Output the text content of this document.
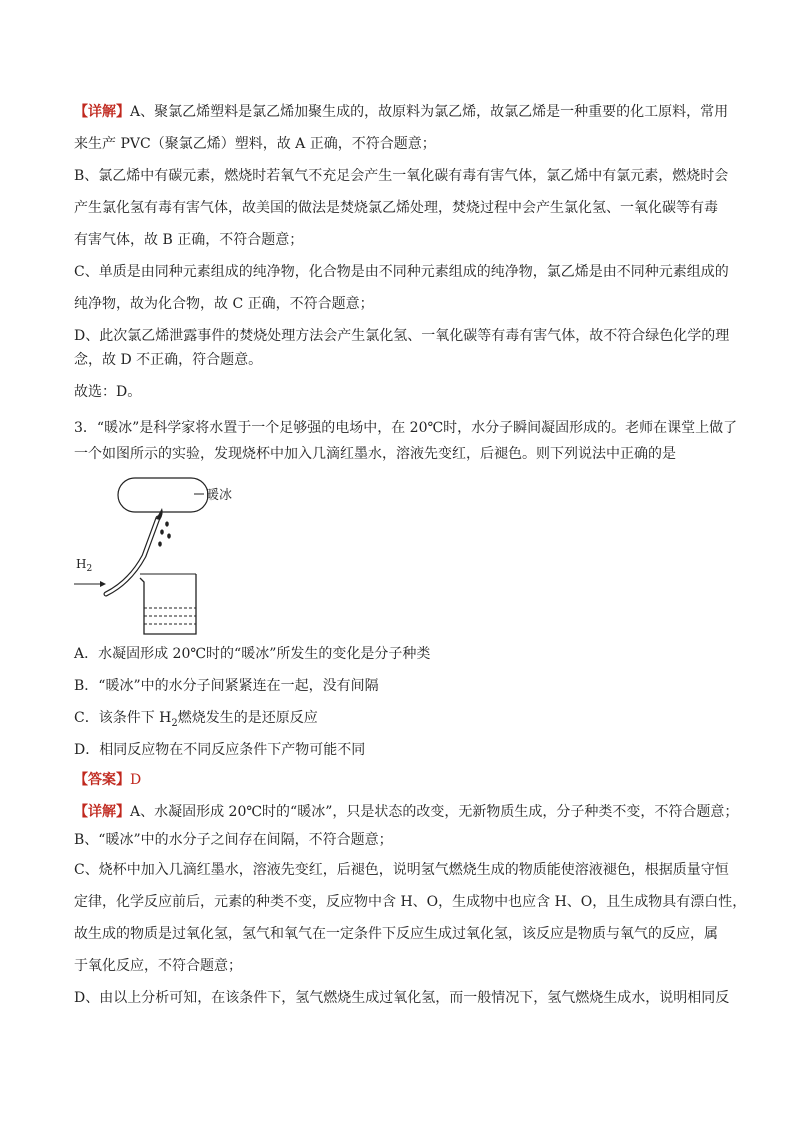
【详解】A、聚氯乙烯塑料是氯乙烯加聚生成的，故原料为氯乙烯，故氯乙烯是一种重要的化工原料，常用
来生产 PVC（聚氯乙烯）塑料，故 A 正确，不符合题意；
B、氯乙烯中有碳元素，燃烧时若氧气不充足会产生一氧化碳有毒有害气体，氯乙烯中有氯元素，燃烧时会
产生氯化氢有毒有害气体，故美国的做法是焚烧氯乙烯处理，焚烧过程中会产生氯化氢、一氧化碳等有毒
有害气体，故 B 正确，不符合题意；
C、单质是由同种元素组成的纯净物，化合物是由不同种元素组成的纯净物，氯乙烯是由不同种元素组成的
纯净物，故为化合物，故 C 正确，不符合题意；
D、此次氯乙烯泄露事件的焚烧处理方法会产生氯化氢、一氧化碳等有毒有害气体，故不符合绿色化学的理
念，故 D 不正确，符合题意。
故选：D。
3．“暖冰”是科学家将水置于一个足够强的电场中，在 20℃时，水分子瞬间凝固形成的。老师在课堂上做了
一个如图所示的实验，发现烧杯中加入几滴红墨水，溶液先变红，后褪色。则下列说法中正确的是
暖冰
$H_2$
A．水凝固形成 20℃时的“暖冰”所发生的变化是分子种类
B．“暖冰”中的水分子间紧紧连在一起，没有间隔
C．该条件下 $H_2$燃烧发生的是还原反应
D．相同反应物在不同反应条件下产物可能不同
【答案】D
【详解】A、水凝固形成 20℃时的“暖冰”，只是状态的改变，无新物质生成，分子种类不变，不符合题意；
B、“暖冰”中的水分子之间存在间隔，不符合题意；
C、烧杯中加入几滴红墨水，溶液先变红，后褪色，说明氢气燃烧生成的物质能使溶液褪色，根据质量守恒
定律，化学反应前后，元素的种类不变，反应物中含 H、O，生成物中也应含 H、O，且生成物具有漂白性，
故生成的物质是过氧化氢，氢气和氧气在一定条件下反应生成过氧化氢，该反应是物质与氧气的反应，属
于氧化反应，不符合题意；
D、由以上分析可知，在该条件下，氢气燃烧生成过氧化氢，而一般情况下，氢气燃烧生成水，说明相同反
